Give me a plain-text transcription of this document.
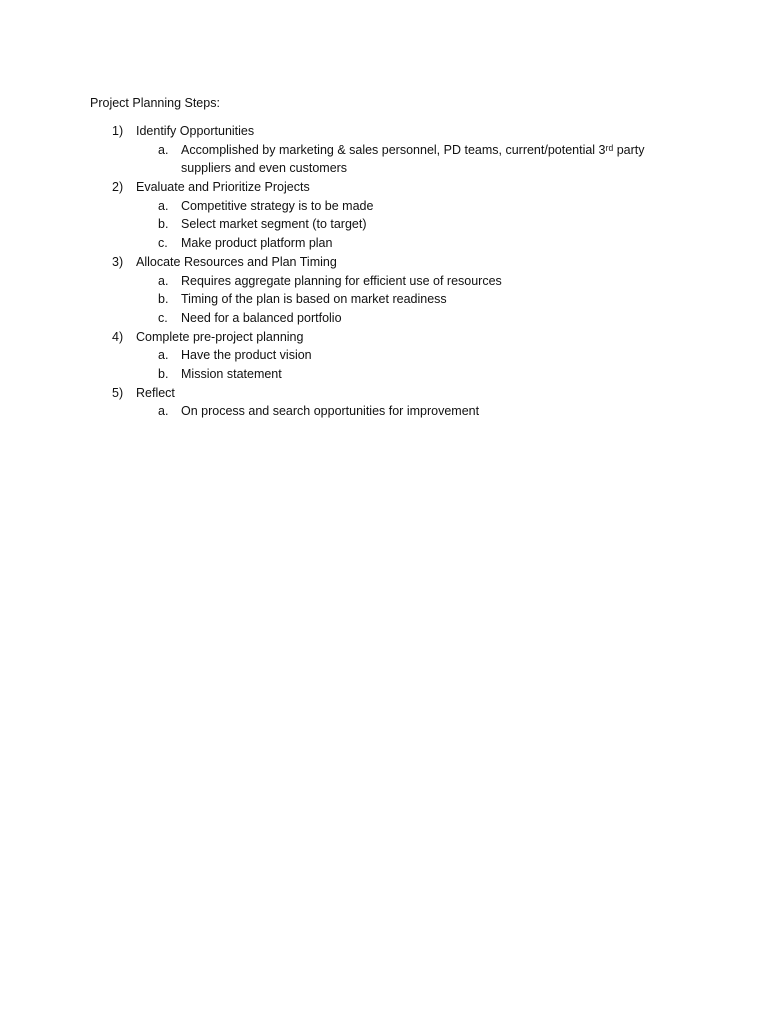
Project Planning Steps:
1) Identify Opportunities
a. Accomplished by marketing & sales personnel, PD teams, current/potential 3ʳᵈ party suppliers and even customers
2) Evaluate and Prioritize Projects
a. Competitive strategy is to be made
b. Select market segment (to target)
c. Make product platform plan
3) Allocate Resources and Plan Timing
a. Requires aggregate planning for efficient use of resources
b. Timing of the plan is based on market readiness
c. Need for a balanced portfolio
4) Complete pre-project planning
a. Have the product vision
b. Mission statement
5) Reflect
a. On process and search opportunities for improvement
